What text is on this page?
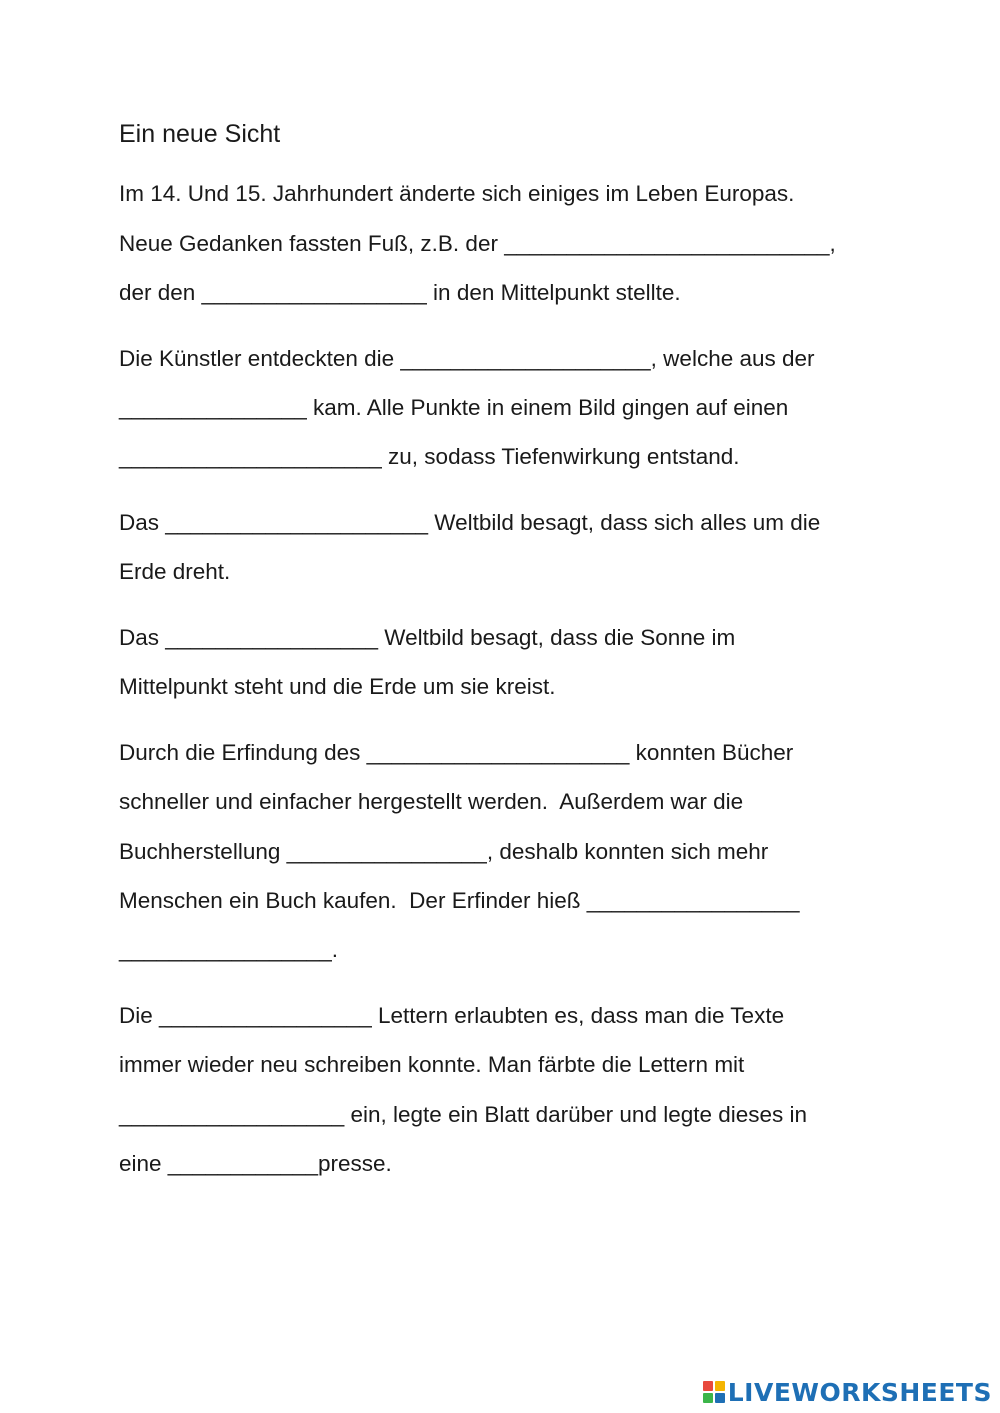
Ein neue Sicht
Im 14. Und 15. Jahrhundert änderte sich einiges im Leben Europas.
Neue Gedanken fassten Fuß, z.B. der __________________________,
der den __________________ in den Mittelpunkt stellte.
Die Künstler entdeckten die ____________________, welche aus der
_______________ kam. Alle Punkte in einem Bild gingen auf einen
_____________________ zu, sodass Tiefenwirkung entstand.
Das _____________________ Weltbild besagt, dass sich alles um die
Erde dreht.
Das _________________ Weltbild besagt, dass die Sonne im
Mittelpunkt steht und die Erde um sie kreist.
Durch die Erfindung des _____________________ konnten Bücher
schneller und einfacher hergestellt werden.  Außerdem war die
Buchherstellung ________________, deshalb konnten sich mehr
Menschen ein Buch kaufen.  Der Erfinder hieß _________________
_________________.
Die _________________ Lettern erlaubten es, dass man die Texte
immer wieder neu schreiben konnte. Man färbte die Lettern mit
__________________ ein, legte ein Blatt darüber und legte dieses in
eine ____________presse.
LIVEWORKSHEETS
